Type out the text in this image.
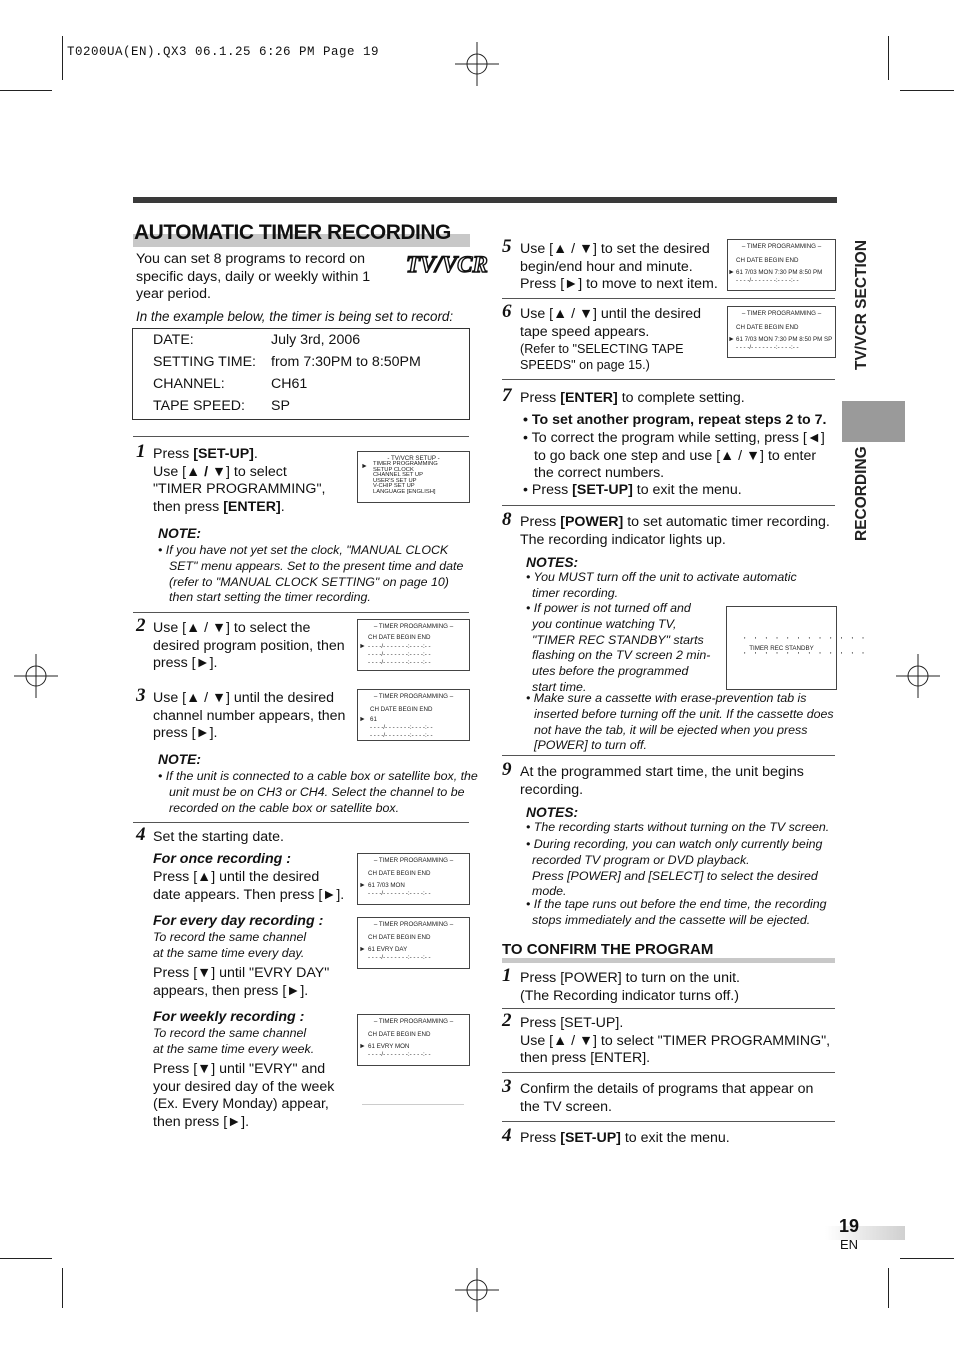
T0200UA(EN).QX3 06.1.25 6:26 PM Page 19
TV/VCR SECTION
RECORDING
AUTOMATIC TIMER RECORDING
You can set 8 programs to record on specific days, daily or weekly within 1 year period.
TV/VCR
In the example below, the timer is being set to record:
DATE:	July 3rd, 2006
SETTING TIME: from 7:30PM to 8:50PM
CHANNEL:	CH61
TAPE SPEED: SP
1 Press [SET-UP].
Use [▲ / ▼] to select
"TIMER PROGRAMMING",
then press [ENTER].
- TV/VCR SETUP -
► TIMER PROGRAMMING
SETUP CLOCK
CHANNEL SET UP
USER'S SET UP
V-CHIP SET UP
LANGUAGE [ENGLISH]
NOTE:
• If you have not yet set the clock, "MANUAL CLOCK SET" menu appears. Set to the present time and date (refer to "MANUAL CLOCK SETTING" on page 10) then start setting the timer recording.
2 Use [▲ / ▼] to select the
desired program position, then
press [►].
– TIMER PROGRAMMING –
CH DATE BEGIN END
► - - - -/- - - - - - -:- - - -:- -
- - - -/- - - - - - -:- - - -:- -
- - - -/- - - - - - -:- - - -:- -
3 Use [▲ / ▼] until the desired
channel number appears, then
press [►].
– TIMER PROGRAMMING –
CH DATE BEGIN END
► 61
- - - -/- - - - - - -:- - - -:- -
- - - -/- - - - - - -:- - - -:- -
NOTE:
• If the unit is connected to a cable box or satellite box, the unit must be on CH3 or CH4. Select the channel to be recorded on the cable box or satellite box.
4 Set the starting date.
For once recording :
Press [▲] until the desired
date appears. Then press [►].
– TIMER PROGRAMMING –
CH DATE BEGIN END
► 61 7/03 MON
- - - -/- - - - - - -:- - - -:- -
For every day recording :
To record the same channel
at the same time every day.
Press [▼] until "EVRY DAY"
appears, then press [►].
– TIMER PROGRAMMING –
CH DATE BEGIN END
► 61 EVRY DAY
- - - -/- - - - - - -:- - - -:- -
For weekly recording :
To record the same channel
at the same time every week.
Press [▼] until "EVRY" and
your desired day of the week
(Ex. Every Monday) appear,
then press [►].
– TIMER PROGRAMMING –
CH DATE BEGIN END
► 61 EVRY MON
- - - -/- - - - - - -:- - - -:- -
5 Use [▲ / ▼] to set the desired
begin/end hour and minute.
Press [►] to move to next item.
– TIMER PROGRAMMING –
CH DATE BEGIN END
► 61 7/03 MON 7:30 PM 8:50 PM
- - - -/- - - - - - -:- - - -:- -
6 Use [▲ / ▼] until the desired
tape speed appears.
(Refer to "SELECTING TAPE
SPEEDS" on page 15.)
– TIMER PROGRAMMING –
CH DATE BEGIN END
► 61 7/03 MON 7:30 PM 8:50 PM SP
- - - -/- - - - - - -:- - - -:- -
7 Press [ENTER] to complete setting.
• To set another program, repeat steps 2 to 7.
• To correct the program while setting, press [◄]
to go back one step and use [▲ / ▼] to enter
the correct numbers.
• Press [SET-UP] to exit the menu.
8 Press [POWER] to set automatic timer recording.
The recording indicator lights up.
NOTES:
• You MUST turn off the unit to activate automatic
timer recording.
• If power is not turned off and
you continue watching TV,
"TIMER REC STANDBY" starts
flashing on the TV screen 2 min-
utes before the programmed
start time.
' ' ' ' ' ' ' ' ' ' ' '
TIMER REC STANDBY
' ' ' ' ' ' ' ' ' ' ' '
• Make sure a cassette with erase-prevention tab is
inserted before turning off the unit. If the cassette does
not have the tab, it will be ejected when you press
[POWER] to turn off.
9 At the programmed start time, the unit begins
recording.
NOTES:
• The recording starts without turning on the TV screen.
• During recording, you can watch only currently being
recorded TV program or DVD playback.
Press [POWER] and [SELECT] to select the desired
mode.
• If the tape runs out before the end time, the recording
stops immediately and the cassette will be ejected.
TO CONFIRM THE PROGRAM
1 Press [POWER] to turn on the unit.
(The Recording indicator turns off.)
2 Press [SET-UP].
Use [▲ / ▼] to select "TIMER PROGRAMMING",
then press [ENTER].
3 Confirm the details of programs that appear on
the TV screen.
4 Press [SET-UP] to exit the menu.
19
EN
